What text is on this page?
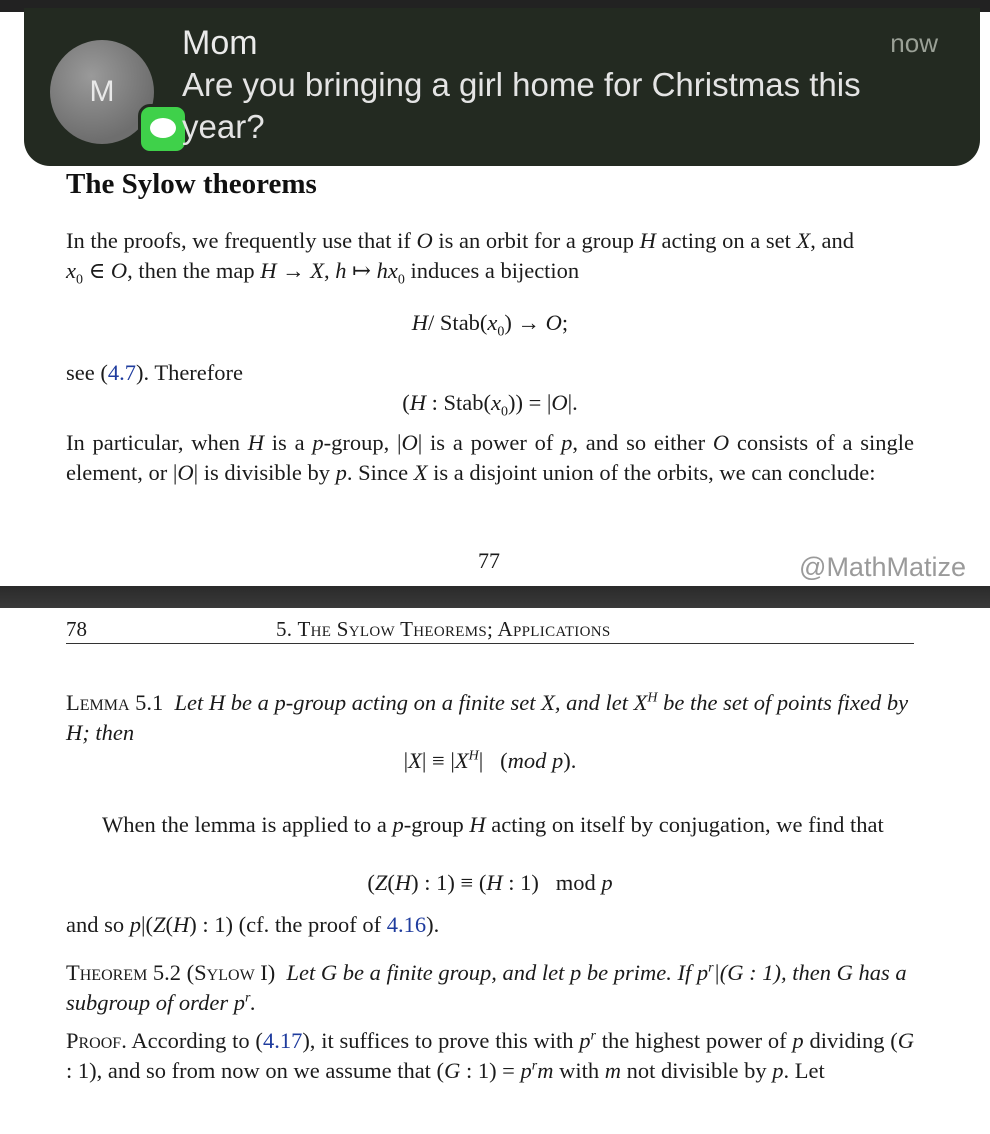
M
Mom	now
Are you bringing a girl home for Christmas this year?
The Sylow theorems
In the proofs, we frequently use that if O is an orbit for a group H acting on a set X, and
$x_0$ ∈ O, then the map H → X, h ↦ $hx_0$ induces a bijection
H/ $Stab(x_0) \to O$;
see (4.7). Therefore
(H : $Stab(x_0)) = |O|$.
In particular, when H is a p-group, |O| is a power of p, and so either O consists of a single element, or |O| is divisible by p. Since X is a disjoint union of the orbits, we can conclude:
77	@MathMatize
78	5. The Sylow Theorems; Applications
Lemma 5.1 Let H be a p-group acting on a finite set X, and let $X^H$ be the set of points fixed by H; then
$|X| \equiv |X^H|$   (mod p).
When the lemma is applied to a p-group H acting on itself by conjugation, we find that
(Z(H) : 1) ≡ (H : 1)   mod p
and so p|(Z(H) : 1) (cf. the proof of 4.16).
Theorem 5.2 (Sylow I) Let G be a finite group, and let p be prime. If $p^r|(G$ : 1), then G has a subgroup of order $p^r$.
Proof. According to (4.17), it suffices to prove this with $p^r$ the highest power of p dividing (G : 1), and so from now on we assume that (G : $1) = p^rm$ with m not divisible by p. Let
